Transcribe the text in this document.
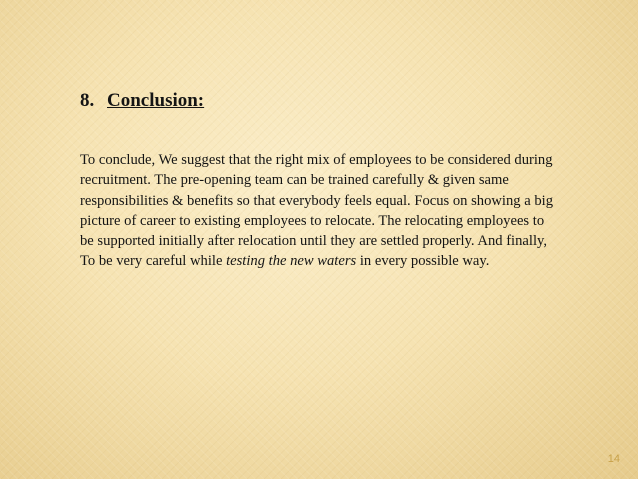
8. Conclusion:

To conclude, We suggest that the right mix of employees to be considered during recruitment. The pre-opening team can be trained carefully & given same responsibilities & benefits so that everybody feels equal. Focus on showing a big picture of career to existing employees to relocate. The relocating employees to be supported initially after relocation until they are settled properly. And finally, To be very careful while testing the new waters in every possible way.

14
